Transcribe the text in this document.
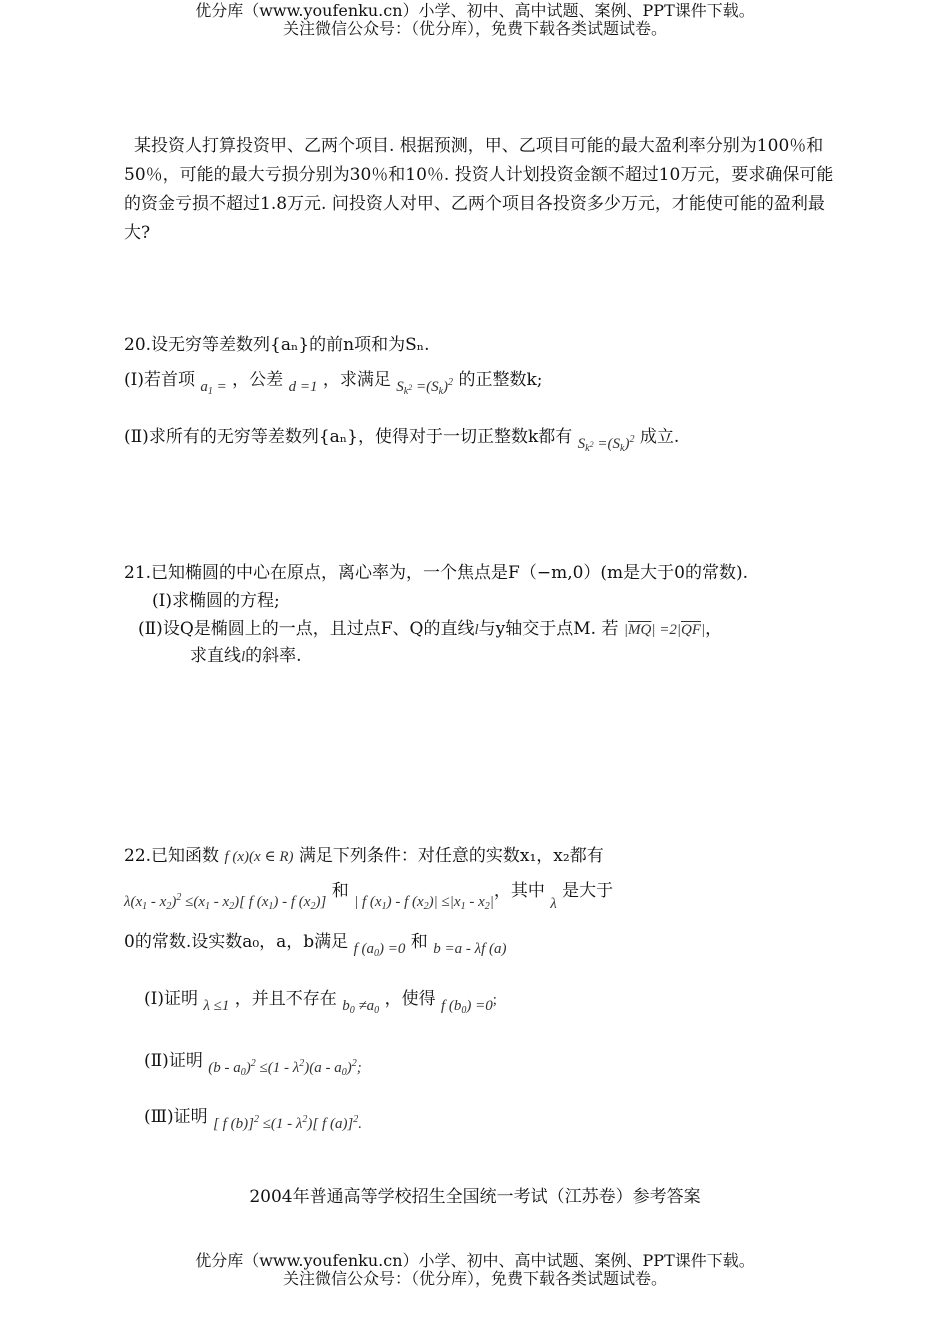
优分库（www.youfenku.cn）小学、初中、高中试题、案例、PPT课件下载。
关注微信公众号：（优分库），免费下载各类试题试卷。
某投资人打算投资甲、乙两个项目. 根据预测，甲、乙项目可能的最大盈利率分别为100％和50％，可能的最大亏损分别为30％和10％. 投资人计划投资金额不超过10万元，要求确保可能的资金亏损不超过1.8万元. 问投资人对甲、乙两个项目各投资多少万元，才能使可能的盈利最大?
20.设无穷等差数列{aₙ}的前n项和为Sₙ.
(I)若首项 $a_1$ = ，公差 d =1 ，求满足 $S_{k^2} =(S_k)^2$ 的正整数k;
(Ⅱ)求所有的无穷等差数列{aₙ}，使得对于一切正整数k都有 $S_{k^2} =(S_k)^2$ 成立.
21.已知椭圆的中心在原点，离心率为，一个焦点是F（−m,0）(m是大于0的常数).
(I)求椭圆的方程;
(Ⅱ)设Q是椭圆上的一点，且过点F、Q的直线l与y轴交于点M. 若 $|\overline{MQ}| =2|\overline{QF}|$，
求直线l的斜率.
22.已知函数 f (x)(x ∈ R) 满足下列条件：对任意的实数x₁，x₂都有
$\lambda(x_1 - x_2)^2 \le(x_1 - x_2)$[ f $(x_1)$ - f $(x_2)$] 和 | f $(x_1)$ - f $(x_2)| \le|x_1 - x_2|$，其中 λ 是大于
0的常数.设实数a₀，a，b满足 f $(a_0) =0$ 和 b =a - λf (a)
(I)证明 λ ≤1 ，并且不存在 $b_0 \ne a_0$ ，使得 f $(b_0) =0$;
(Ⅱ)证明 $(b - a_0)^2 \le(1 - \lambda^2)(a - a_0)^2$;
(Ⅲ)证明 [ f $(b)]^2 \le(1 - \lambda^2)$[ f (a)]$^2$.
2004年普通高等学校招生全国统一考试（江苏卷）参考答案
优分库（www.youfenku.cn）小学、初中、高中试题、案例、PPT课件下载。
关注微信公众号：（优分库），免费下载各类试题试卷。
